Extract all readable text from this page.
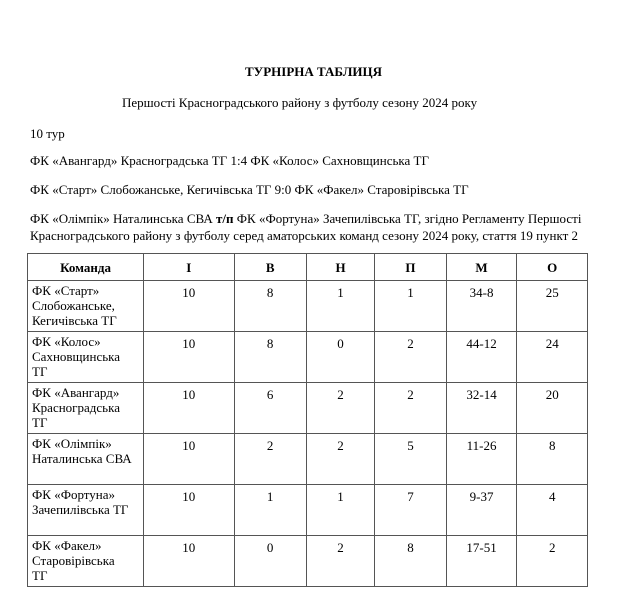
ТУРНІРНА ТАБЛИЦЯ
Першості Красноградського району з футболу сезону 2024 року
10 тур
ФК «Авангард» Красноградська ТГ 1:4 ФК «Колос» Сахновщинська ТГ
ФК «Старт» Слобожанське, Кегичівська ТГ 9:0 ФК «Факел» Старовірівська ТГ
ФК «Олімпік» Наталинська СВА т/п ФК «Фортуна» Зачепилівська ТГ, згідно Регламенту Першості
Красноградського району з футболу серед аматорських команд сезону 2024 року, стаття 19 пункт 2
Команда	І	В	Н	П	М	О

ФК «Старт»
Слобожанське,
Кегичівська ТГ	10	8	1	1	34-8	25

ФК «Колос»
Сахновщинська
ТГ	10	8	0	2	44-12	24

ФК «Авангард»
Красноградська
ТГ	10	6	2	2	32-14	20

ФК «Олімпік»
Наталинська СВА	10	2	2	5	11-26	8

ФК «Фортуна»
Зачепилівська ТГ	10	1	1	7	9-37	4

ФК «Факел»
Старовірівська
ТГ	10	0	2	8	17-51	2
